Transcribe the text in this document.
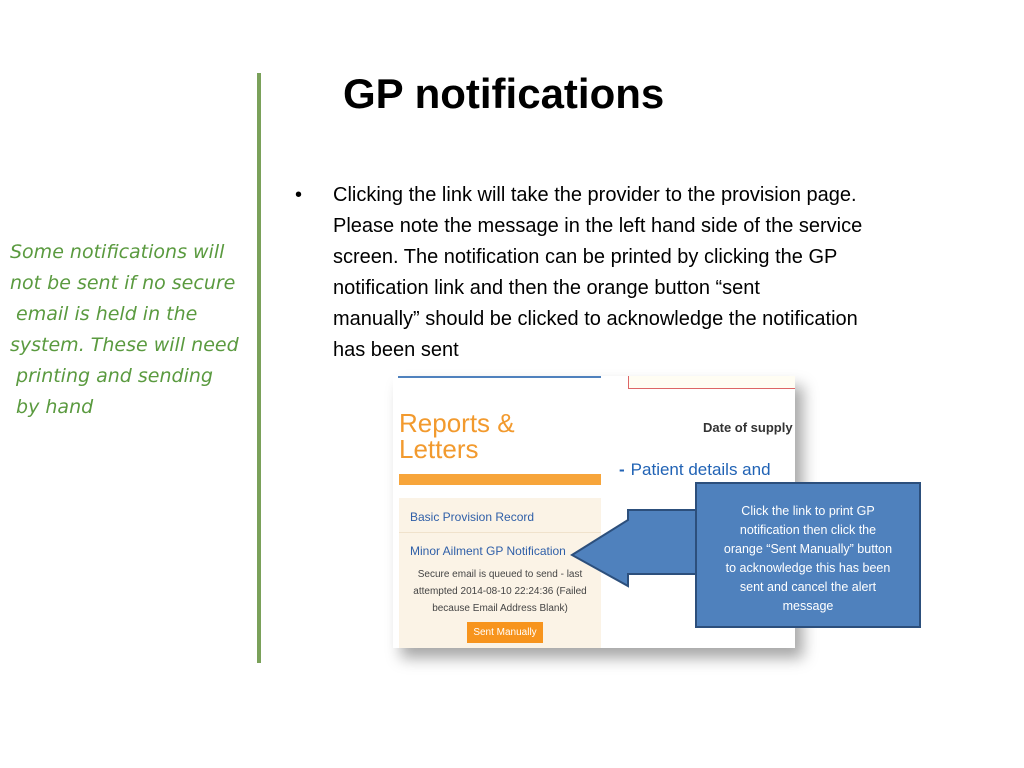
GP notifications
Some notifications will
not be sent if no secure
email is held in the
system. These will need
printing and sending
by hand
• Clicking the link will take the provider to the provision page.
Please note the message in the left hand side of the service
screen. The notification can be printed by clicking the GP
notification link and then the orange button “sent
manually” should be clicked to acknowledge the notification
has been sent
Reports &
Letters
Date of supply
- Patient details and
Basic Provision Record
Minor Ailment GP Notification
Secure email is queued to send - last
attempted 2014-08-10 22:24:36 (Failed
because Email Address Blank)
Sent Manually
Click the link to print GP
notification then click the
orange “Sent Manually” button
to acknowledge this has been
sent and cancel the alert
message
